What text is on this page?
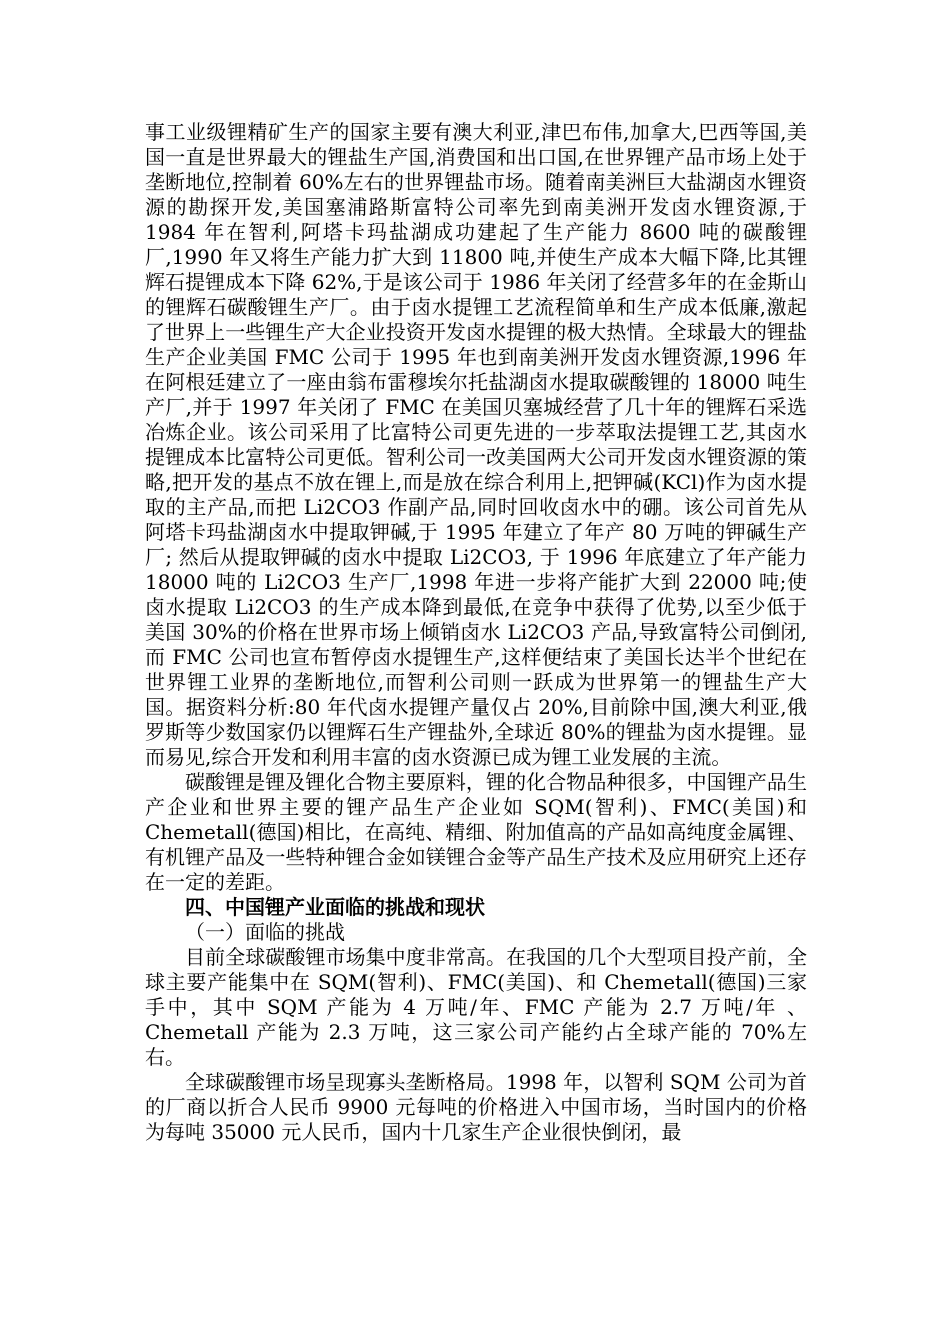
事工业级锂精矿生产的国家主要有澳大利亚,津巴布伟,加拿大,巴西等国,美国一直是世界最大的锂盐生产国,消费国和出口国,在世界锂产品市场上处于垄断地位,控制着 60%左右的世界锂盐市场。随着南美洲巨大盐湖卤水锂资源的勘探开发,美国塞浦路斯富特公司率先到南美洲开发卤水锂资源,于 1984 年在智利,阿塔卡玛盐湖成功建起了生产能力 8600 吨的碳酸锂厂,1990 年又将生产能力扩大到 11800 吨,并使生产成本大幅下降,比其锂辉石提锂成本下降 62%,于是该公司于 1986 年关闭了经营多年的在金斯山的锂辉石碳酸锂生产厂。由于卤水提锂工艺流程简单和生产成本低廉,激起了世界上一些锂生产大企业投资开发卤水提锂的极大热情。全球最大的锂盐生产企业美国 FMC 公司于 1995 年也到南美洲开发卤水锂资源,1996 年在阿根廷建立了一座由翁布雷穆埃尔托盐湖卤水提取碳酸锂的 18000 吨生产厂,并于 1997 年关闭了 FMC 在美国贝塞城经营了几十年的锂辉石采选冶炼企业。该公司采用了比富特公司更先进的一步萃取法提锂工艺,其卤水提锂成本比富特公司更低。智利公司一改美国两大公司开发卤水锂资源的策略,把开发的基点不放在锂上,而是放在综合利用上,把钾碱(KCl)作为卤水提取的主产品,而把 Li2CO3 作副产品,同时回收卤水中的硼。该公司首先从阿塔卡玛盐湖卤水中提取钾碱,于 1995 年建立了年产 80 万吨的钾碱生产厂; 然后从提取钾碱的卤水中提取 Li2CO3, 于 1996 年底建立了年产能力 18000 吨的 Li2CO3 生产厂,1998 年进一步将产能扩大到 22000 吨;使卤水提取 Li2CO3 的生产成本降到最低,在竞争中获得了优势,以至少低于美国 30%的价格在世界市场上倾销卤水 Li2CO3 产品,导致富特公司倒闭,而 FMC 公司也宣布暂停卤水提锂生产,这样便结束了美国长达半个世纪在世界锂工业界的垄断地位,而智利公司则一跃成为世界第一的锂盐生产大国。据资料分析:80 年代卤水提锂产量仅占 20%,目前除中国,澳大利亚,俄罗斯等少数国家仍以锂辉石生产锂盐外,全球近 80%的锂盐为卤水提锂。显而易见,综合开发和利用丰富的卤水资源已成为锂工业发展的主流。

碳酸锂是锂及锂化合物主要原料，锂的化合物品种很多，中国锂产品生产企业和世界主要的锂产品生产企业如 SQM(智利)、FMC(美国)和 Chemetall(德国)相比，在高纯、精细、附加值高的产品如高纯度金属锂、有机锂产品及一些特种锂合金如镁锂合金等产品生产技术及应用研究上还存在一定的差距。

四、中国锂产业面临的挑战和现状

（一）面临的挑战

目前全球碳酸锂市场集中度非常高。在我国的几个大型项目投产前，全球主要产能集中在 SQM(智利)、FMC(美国)、和 Chemetall(德国)三家手中，其中 SQM 产能为 4 万吨/年、FMC 产能为 2.7 万吨/年 、Chemetall 产能为 2.3 万吨，这三家公司产能约占全球产能的 70%左右。

全球碳酸锂市场呈现寡头垄断格局。1998 年，以智利 SQM 公司为首的厂商以折合人民币 9900 元每吨的价格进入中国市场，当时国内的价格为每吨 35000 元人民币，国内十几家生产企业很快倒闭，最
